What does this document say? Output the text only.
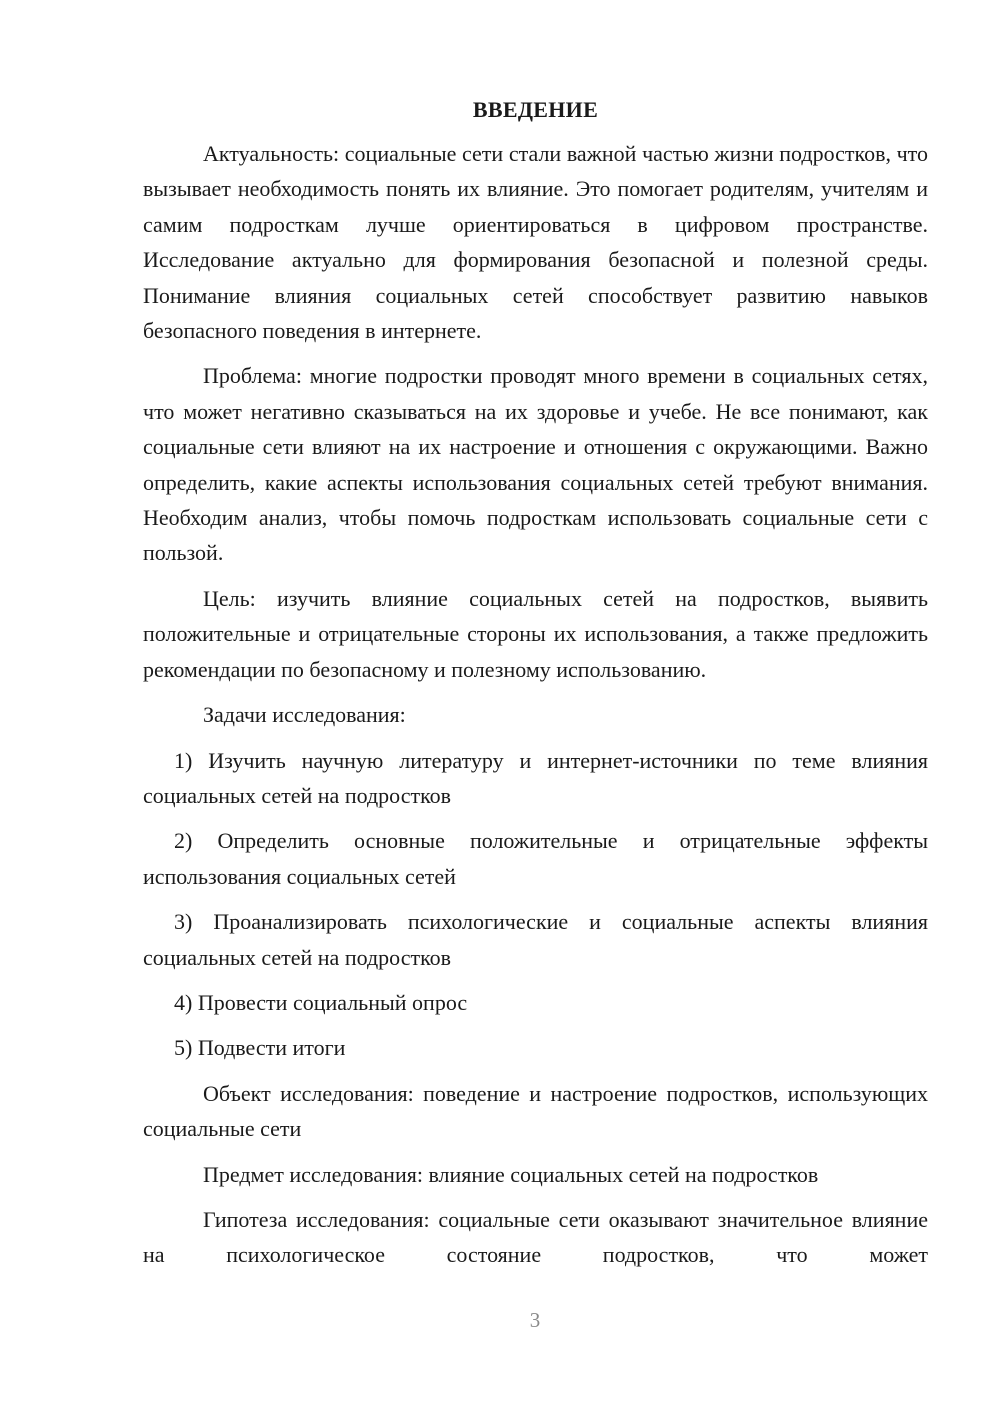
ВВЕДЕНИЕ

Актуальность: социальные сети стали важной частью жизни подростков, что вызывает необходимость понять их влияние. Это помогает родителям, учителям и самим подросткам лучше ориентироваться в цифровом пространстве. Исследование актуально для формирования безопасной и полезной среды. Понимание влияния социальных сетей способствует развитию навыков безопасного поведения в интернете.

Проблема: многие подростки проводят много времени в социальных сетях, что может негативно сказываться на их здоровье и учебе. Не все понимают, как социальные сети влияют на их настроение и отношения с окружающими. Важно определить, какие аспекты использования социальных сетей требуют внимания. Необходим анализ, чтобы помочь подросткам использовать социальные сети с пользой.

Цель: изучить влияние социальных сетей на подростков, выявить положительные и отрицательные стороны их использования, а также предложить рекомендации по безопасному и полезному использованию.

Задачи исследования:

1) Изучить научную литературу и интернет-источники по теме влияния социальных сетей на подростков

2) Определить основные положительные и отрицательные эффекты использования социальных сетей

3) Проанализировать психологические и социальные аспекты влияния социальных сетей на подростков

4) Провести социальный опрос

5) Подвести итоги

Объект исследования: поведение и настроение подростков, использующих социальные сети

Предмет исследования: влияние социальных сетей на подростков

Гипотеза исследования: социальные сети оказывают значительное влияние на психологическое состояние подростков, что может

3
